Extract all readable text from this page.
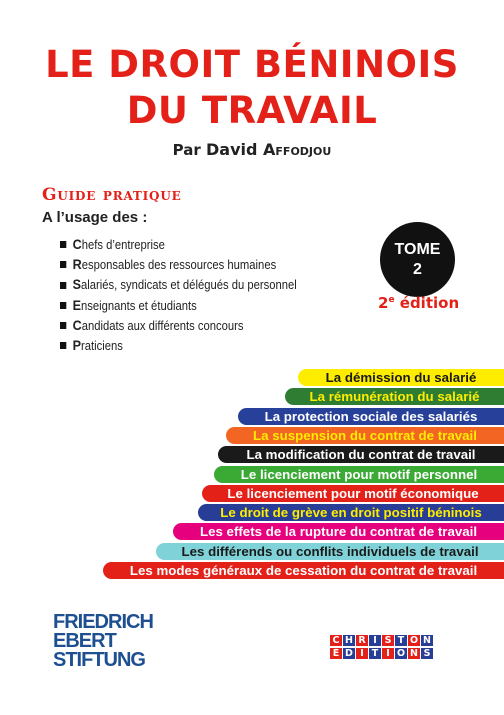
LE DROIT BÉNINOIS
DU TRAVAIL
Par David Affodjou
Guide pratique
A l’usage des :
Chefs d’entreprise
Responsables des ressources humaines
Salariés, syndicats et délégués du personnel
Enseignants et étudiants
Candidats aux différents concours
Praticiens
TOME
2
2e édition
La démission du salarié
La rémunération du salarié
La protection sociale des salariés
La suspension du contrat de travail
La modification du contrat de travail
Le licenciement pour motif personnel
Le licenciement pour motif économique
Le droit de grève en droit positif béninois
Les effets de la rupture du contrat de travail
Les différends ou conflits individuels de travail
Les modes généraux de cessation du contrat de travail
FRIEDRICH
EBERT
STIFTUNG
C H R I S T O N
É D I T I O N S
